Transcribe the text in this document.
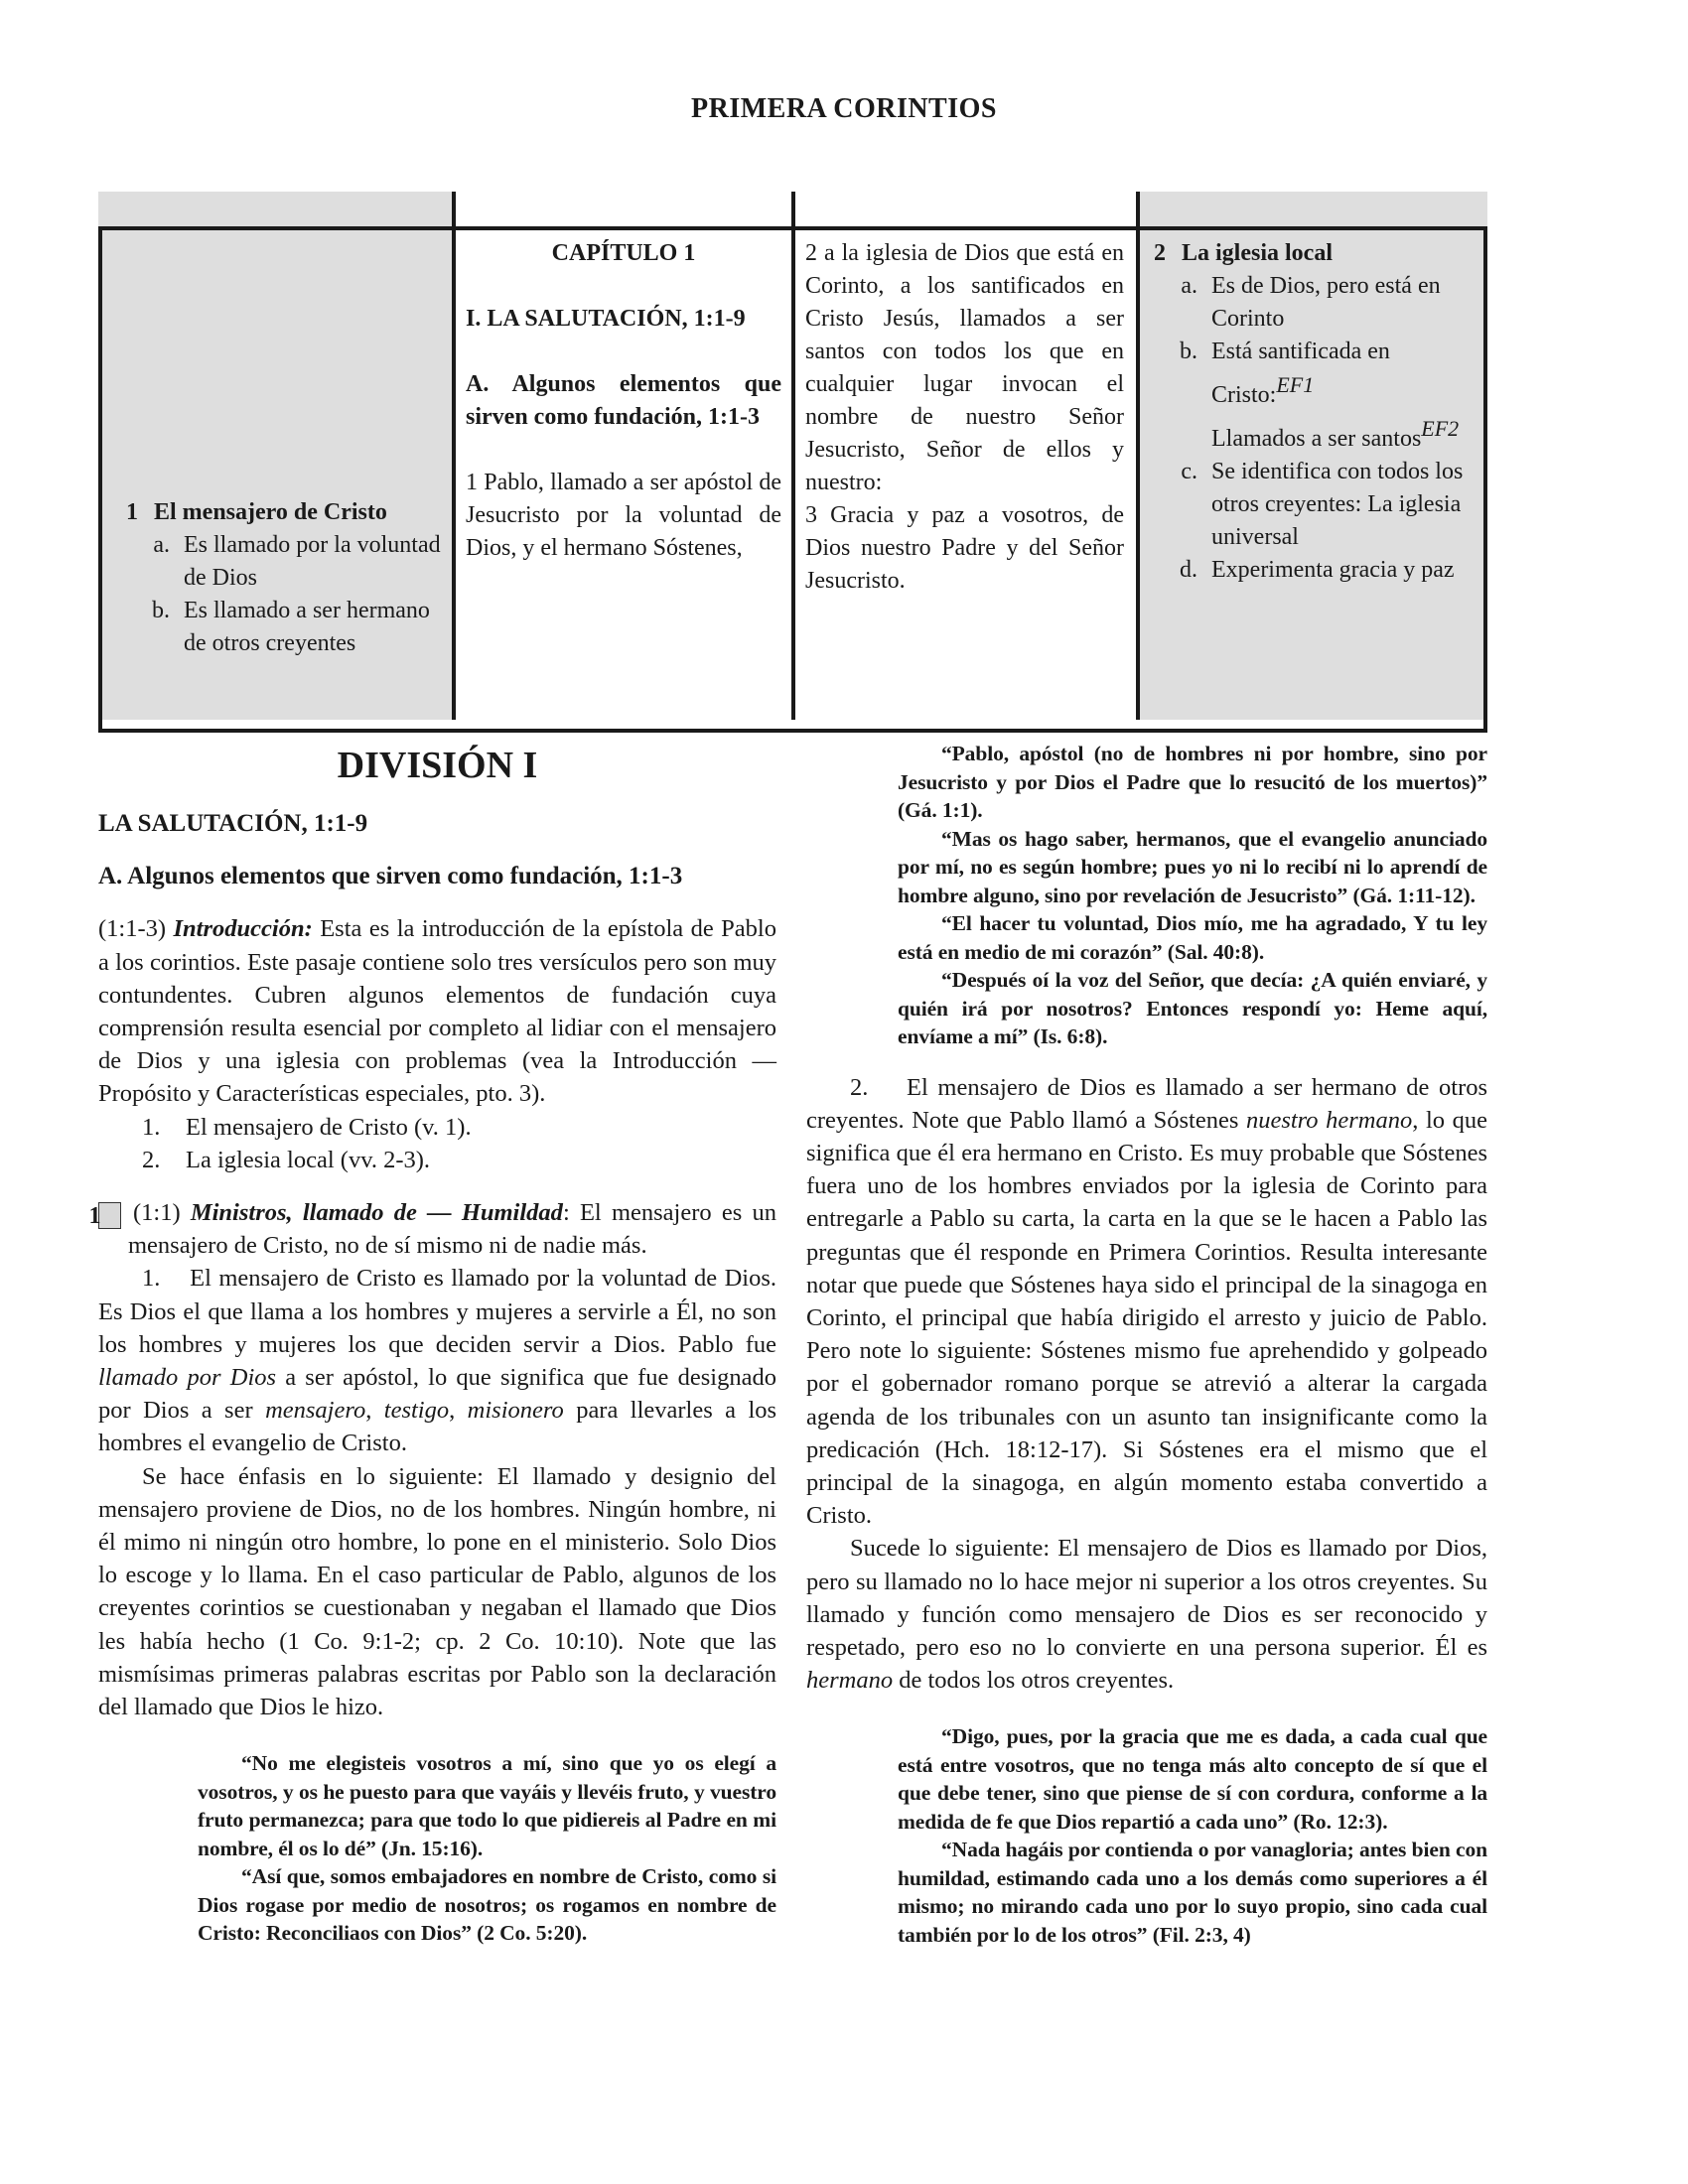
PRIMERA CORINTIOS
1 El mensajero de Cristo
a. Es llamado por la voluntad de Dios
b. Es llamado a ser hermano de otros creyentes
CAPÍTULO 1
I. LA SALUTACIÓN, 1:1-9
A. Algunos elementos que sirven como fundación, 1:1-3
1 Pablo, llamado a ser apóstol de Jesucristo por la voluntad de Dios, y el hermano Sóstenes,
2 a la iglesia de Dios que está en Corinto, a los santificados en Cristo Jesús, llamados a ser santos con todos los que en cualquier lugar invocan el nombre de nuestro Señor Jesucristo, Señor de ellos y nuestro:
3 Gracia y paz a vosotros, de Dios nuestro Padre y del Señor Jesucristo.
2 La iglesia local
a. Es de Dios, pero está en Corinto
b. Está santificada en Cristo:EF1
Llamados a ser santosEF2
c. Se identifica con todos los otros creyentes: La iglesia universal
d. Experimenta gracia y paz
DIVISIÓN I
LA SALUTACIÓN, 1:1-9
A. Algunos elementos que sirven como fundación, 1:1-3

(1:1-3) Introducción: Esta es la introducción de la epístola de Pablo a los corintios. Este pasaje contiene solo tres versículos pero son muy contundentes. Cubren algunos elementos de fundación cuya comprensión resulta esencial por completo al lidiar con el mensajero de Dios y una iglesia con problemas (vea la Introducción — Propósito y Características especiales, pto. 3).

1.	El mensajero de Cristo (v. 1).
2.	La iglesia local (vv. 2-3).

1 (1:1) Ministros, llamado de — Humildad: El mensajero es un mensajero de Cristo, no de sí mismo ni de nadie más.

1. El mensajero de Cristo es llamado por la voluntad de Dios. Es Dios el que llama a los hombres y mujeres a servirle a Él, no son los hombres y mujeres los que deciden servir a Dios. Pablo fue llamado por Dios a ser apóstol, lo que significa que fue designado por Dios a ser mensajero, testigo, misionero para llevarles a los hombres el evangelio de Cristo.

Se hace énfasis en lo siguiente: El llamado y designio del mensajero proviene de Dios, no de los hombres. Ningún hombre, ni él mimo ni ningún otro hombre, lo pone en el ministerio. Solo Dios lo escoge y lo llama. En el caso particular de Pablo, algunos de los creyentes corintios se cuestionaban y negaban el llamado que Dios les había hecho (1 Co. 9:1-2; cp. 2 Co. 10:10). Note que las mismísimas primeras palabras escritas por Pablo son la declaración del llamado que Dios le hizo.

“No me elegisteis vosotros a mí, sino que yo os elegí a vosotros, y os he puesto para que vayáis y llevéis fruto, y vuestro fruto permanezca; para que todo lo que pidiereis al Padre en mi nombre, él os lo dé” (Jn. 15:16).

“Así que, somos embajadores en nombre de Cristo, como si Dios rogase por medio de nosotros; os rogamos en nombre de Cristo: Reconciliaos con Dios” (2 Co. 5:20).

“Pablo, apóstol (no de hombres ni por hombre, sino por Jesucristo y por Dios el Padre que lo resucitó de los muertos)” (Gá. 1:1).

“Mas os hago saber, hermanos, que el evangelio anunciado por mí, no es según hombre; pues yo ni lo recibí ni lo aprendí de hombre alguno, sino por revelación de Jesucristo” (Gá. 1:11-12).

“El hacer tu voluntad, Dios mío, me ha agradado, Y tu ley está en medio de mi corazón” (Sal. 40:8).

“Después oí la voz del Señor, que decía: ¿A quién enviaré, y quién irá por nosotros? Entonces respondí yo: Heme aquí, envíame a mí” (Is. 6:8).

2. El mensajero de Dios es llamado a ser hermano de otros creyentes. Note que Pablo llamó a Sóstenes nuestro hermano, lo que significa que él era hermano en Cristo. Es muy probable que Sóstenes fuera uno de los hombres enviados por la iglesia de Corinto para entregarle a Pablo su carta, la carta en la que se le hacen a Pablo las preguntas que él responde en Primera Corintios. Resulta interesante notar que puede que Sóstenes haya sido el principal de la sinagoga en Corinto, el principal que había dirigido el arresto y juicio de Pablo. Pero note lo siguiente: Sóstenes mismo fue aprehendido y golpeado por el gobernador romano porque se atrevió a alterar la cargada agenda de los tribunales con un asunto tan insignificante como la predicación (Hch. 18:12-17). Si Sóstenes era el mismo que el principal de la sinagoga, en algún momento estaba convertido a Cristo.

Sucede lo siguiente: El mensajero de Dios es llamado por Dios, pero su llamado no lo hace mejor ni superior a los otros creyentes. Su llamado y función como mensajero de Dios es ser reconocido y respetado, pero eso no lo convierte en una persona superior. Él es hermano de todos los otros creyentes.

“Digo, pues, por la gracia que me es dada, a cada cual que está entre vosotros, que no tenga más alto concepto de sí que el que debe tener, sino que piense de sí con cordura, conforme a la medida de fe que Dios repartió a cada uno” (Ro. 12:3).

“Nada hagáis por contienda o por vanagloria; antes bien con humildad, estimando cada uno a los demás como superiores a él mismo; no mirando cada uno por lo suyo propio, sino cada cual también por lo de los otros” (Fil. 2:3, 4)
